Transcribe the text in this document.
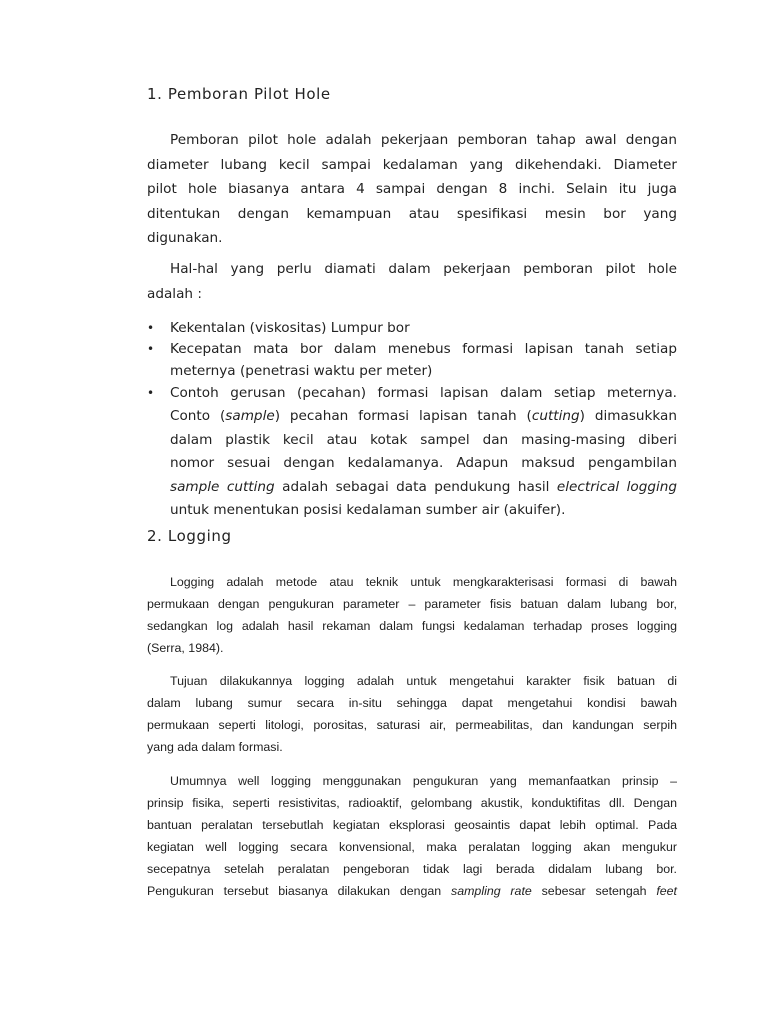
1. Pemboran Pilot Hole

Pemboran pilot hole adalah pekerjaan pemboran tahap awal dengan
diameter lubang kecil sampai kedalaman yang dikehendaki. Diameter
pilot hole biasanya antara 4 sampai dengan 8 inchi. Selain itu juga
ditentukan dengan kemampuan atau spesifikasi mesin bor yang
digunakan.

Hal-hal yang perlu diamati dalam pekerjaan pemboran pilot hole
adalah :

• Kekentalan (viskositas) Lumpur bor
• Kecepatan mata bor dalam menebus formasi lapisan tanah setiap
meternya (penetrasi waktu per meter)
• Contoh gerusan (pecahan) formasi lapisan dalam setiap meternya.
Conto (sample) pecahan formasi lapisan tanah (cutting) dimasukkan
dalam plastik kecil atau kotak sampel dan masing-masing diberi
nomor sesuai dengan kedalamanya. Adapun maksud pengambilan
sample cutting adalah sebagai data pendukung hasil electrical logging
untuk menentukan posisi kedalaman sumber air (akuifer).
2. Logging

Logging adalah metode atau teknik untuk mengkarakterisasi formasi di bawah
permukaan dengan pengukuran parameter – parameter fisis batuan dalam lubang bor,
sedangkan log adalah hasil rekaman dalam fungsi kedalaman terhadap proses logging
(Serra, 1984).

Tujuan dilakukannya logging adalah untuk mengetahui karakter fisik batuan di
dalam lubang sumur secara in-situ sehingga dapat mengetahui kondisi bawah
permukaan seperti litologi, porositas, saturasi air, permeabilitas, dan kandungan serpih
yang ada dalam formasi.

Umumnya well logging menggunakan pengukuran yang memanfaatkan prinsip –
prinsip fisika, seperti resistivitas, radioaktif, gelombang akustik, konduktifitas dll. Dengan
bantuan peralatan tersebutlah kegiatan eksplorasi geosaintis dapat lebih optimal. Pada
kegiatan well logging secara konvensional, maka peralatan logging akan mengukur
secepatnya setelah peralatan pengeboran tidak lagi berada didalam lubang bor.
Pengukuran tersebut biasanya dilakukan dengan sampling rate sebesar setengah feet
